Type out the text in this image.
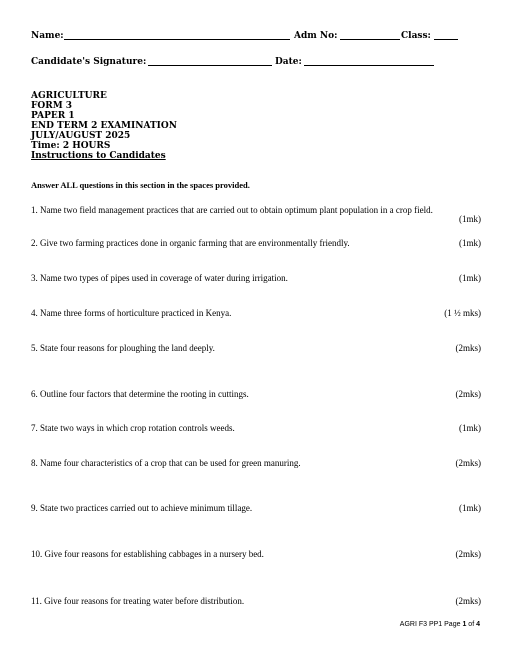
Name:	Adm No:	Class:
Candidate's Signature:	Date:
AGRICULTURE
FORM 3
PAPER 1
END TERM 2 EXAMINATION
JULY/AUGUST 2025
Time: 2 HOURS
Instructions to Candidates
Answer ALL questions in this section in the spaces provided.
1. Name two field management practices that are carried out to obtain optimum plant population in a crop field.
(1mk)
2. Give two farming practices done in organic farming that are environmentally friendly.	(1mk)
3. Name two types of pipes used in coverage of water during irrigation.	(1mk)
4. Name three forms of horticulture practiced in Kenya.	(1 ½ mks)
5. State four reasons for ploughing the land deeply.	(2mks)
6. Outline four factors that determine the rooting in cuttings.	(2mks)
7. State two ways in which crop rotation controls weeds.	(1mk)
8. Name four characteristics of a crop that can be used for green manuring.	(2mks)
9. State two practices carried out to achieve minimum tillage.	(1mk)
10. Give four reasons for establishing cabbages in a nursery bed.	(2mks)
11. Give four reasons for treating water before distribution.	(2mks)
AGRI F3 PP1 Page 1 of 4
